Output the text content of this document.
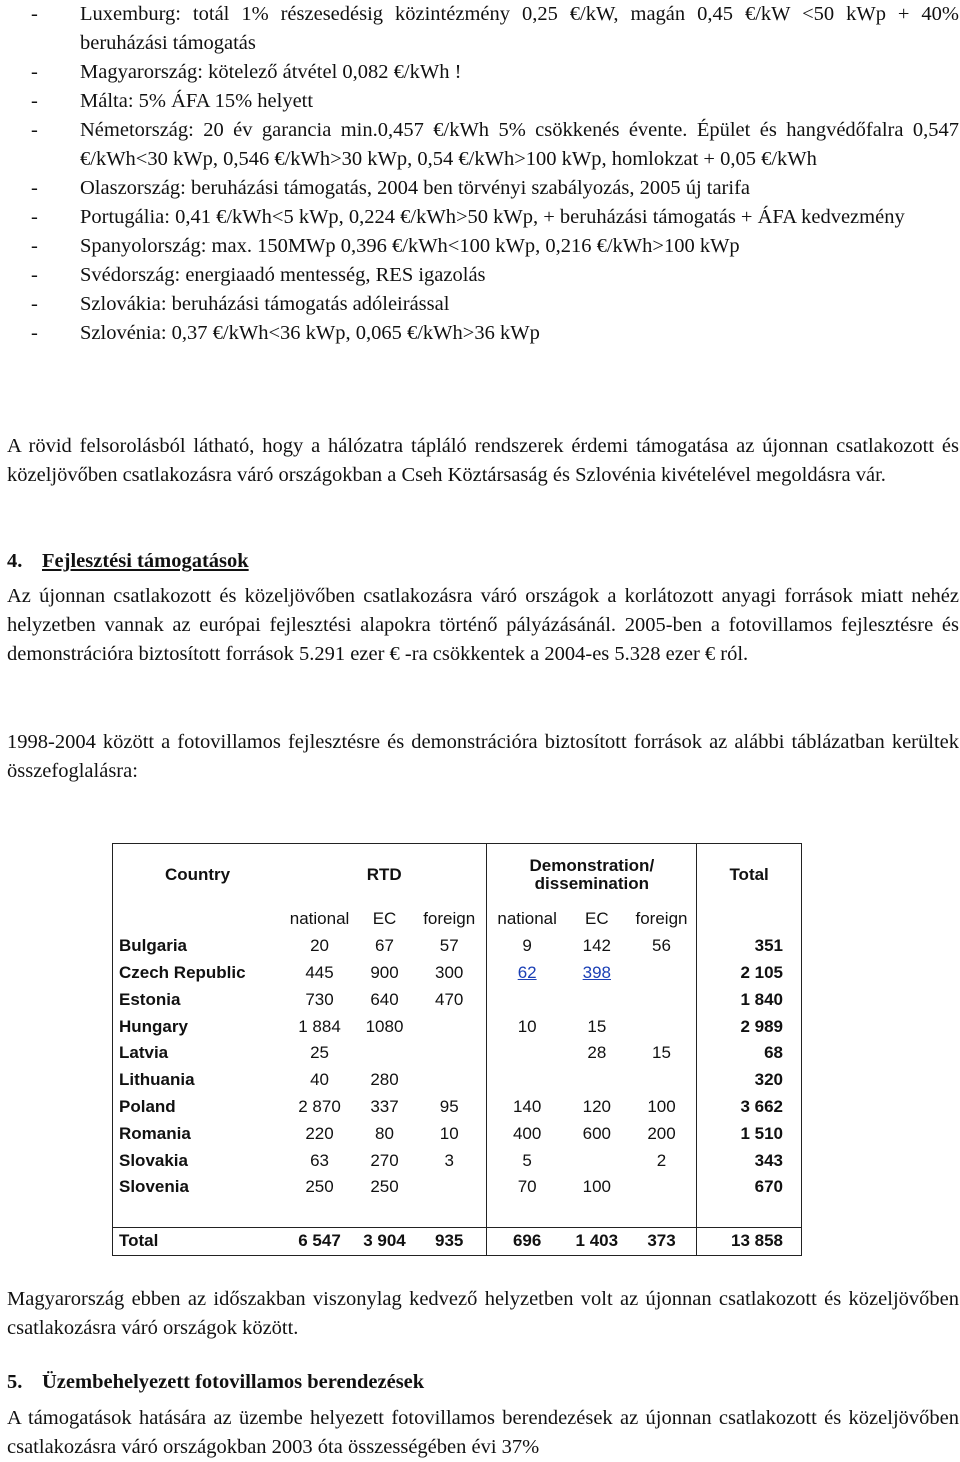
- Luxemburg: totál 1% részesedésig közintézmény 0,25 €/kW, magán 0,45 €/kW <50 kWp + 40% beruházási támogatás
- Magyarország: kötelező átvétel 0,082 €/kWh !
- Málta: 5% ÁFA 15% helyett
- Németország: 20 év garancia min.0,457 €/kWh 5% csökkenés évente. Épület és hangvédőfalra 0,547 €/kWh<30 kWp, 0,546 €/kWh>30 kWp, 0,54 €/kWh>100 kWp, homlokzat + 0,05 €/kWh
- Olaszország: beruházási támogatás, 2004 ben törvényi szabályozás, 2005 új tarifa
- Portugália: 0,41 €/kWh<5 kWp, 0,224 €/kWh>50 kWp, + beruházási támogatás + ÁFA kedvezmény
- Spanyolország: max. 150MWp 0,396 €/kWh<100 kWp, 0,216 €/kWh>100 kWp
- Svédország: energiaadó mentesség, RES igazolás
- Szlovákia: beruházási támogatás adóleirással
- Szlovénia: 0,37 €/kWh<36 kWp, 0,065 €/kWh>36 kWp

A rövid felsorolásból látható, hogy a hálózatra tápláló rendszerek érdemi támogatása az újonnan csatlakozott és közeljövőben csatlakozásra váró országokban a Cseh Köztársaság és Szlovénia kivételével megoldásra vár.

4. Fejlesztési támogatások

Az újonnan csatlakozott és közeljövőben csatlakozásra váró országok a korlátozott anyagi források miatt nehéz helyzetben vannak az európai fejlesztési alapokra történő pályázásánál. 2005-ben a fotovillamos fejlesztésre és demonstrációra biztosított források 5.291 ezer € -ra csökkentek a 2004-es 5.328 ezer € ról.

1998-2004 között a fotovillamos fejlesztésre és demonstrációra biztosított források az alábbi táblázatban kerültek összefoglalásra:

Magyarország ebben az időszakban viszonylag kedvező helyzetben volt az újonnan csatlakozott és közeljövőben csatlakozásra váró országok között.

5. Üzembehelyezett fotovillamos berendezések

A támogatások hatására az üzembe helyezett fotovillamos berendezések az újonnan csatlakozott és közeljövőben csatlakozásra váró országokban 2003 óta összességében évi 37%

Country	RTD			Demonstration/ dissemination			Total
	national	EC	foreign	national	EC	foreign	
Bulgaria	20	67	57	9	142	56	351
Czech Republic	445	900	300	62	398		2 105
Estonia	730	640	470				1 840
Hungary	1 884	1080		10	15		2 989
Latvia	25				28	15	68
Lithuania	40	280					320
Poland	2 870	337	95	140	120	100	3 662
Romania	220	80	10	400	600	200	1 510
Slovakia	63	270	3	5		2	343
Slovenia	250	250		70	100		670

Total	6 547	3 904	935	696	1 403	373	13 858
